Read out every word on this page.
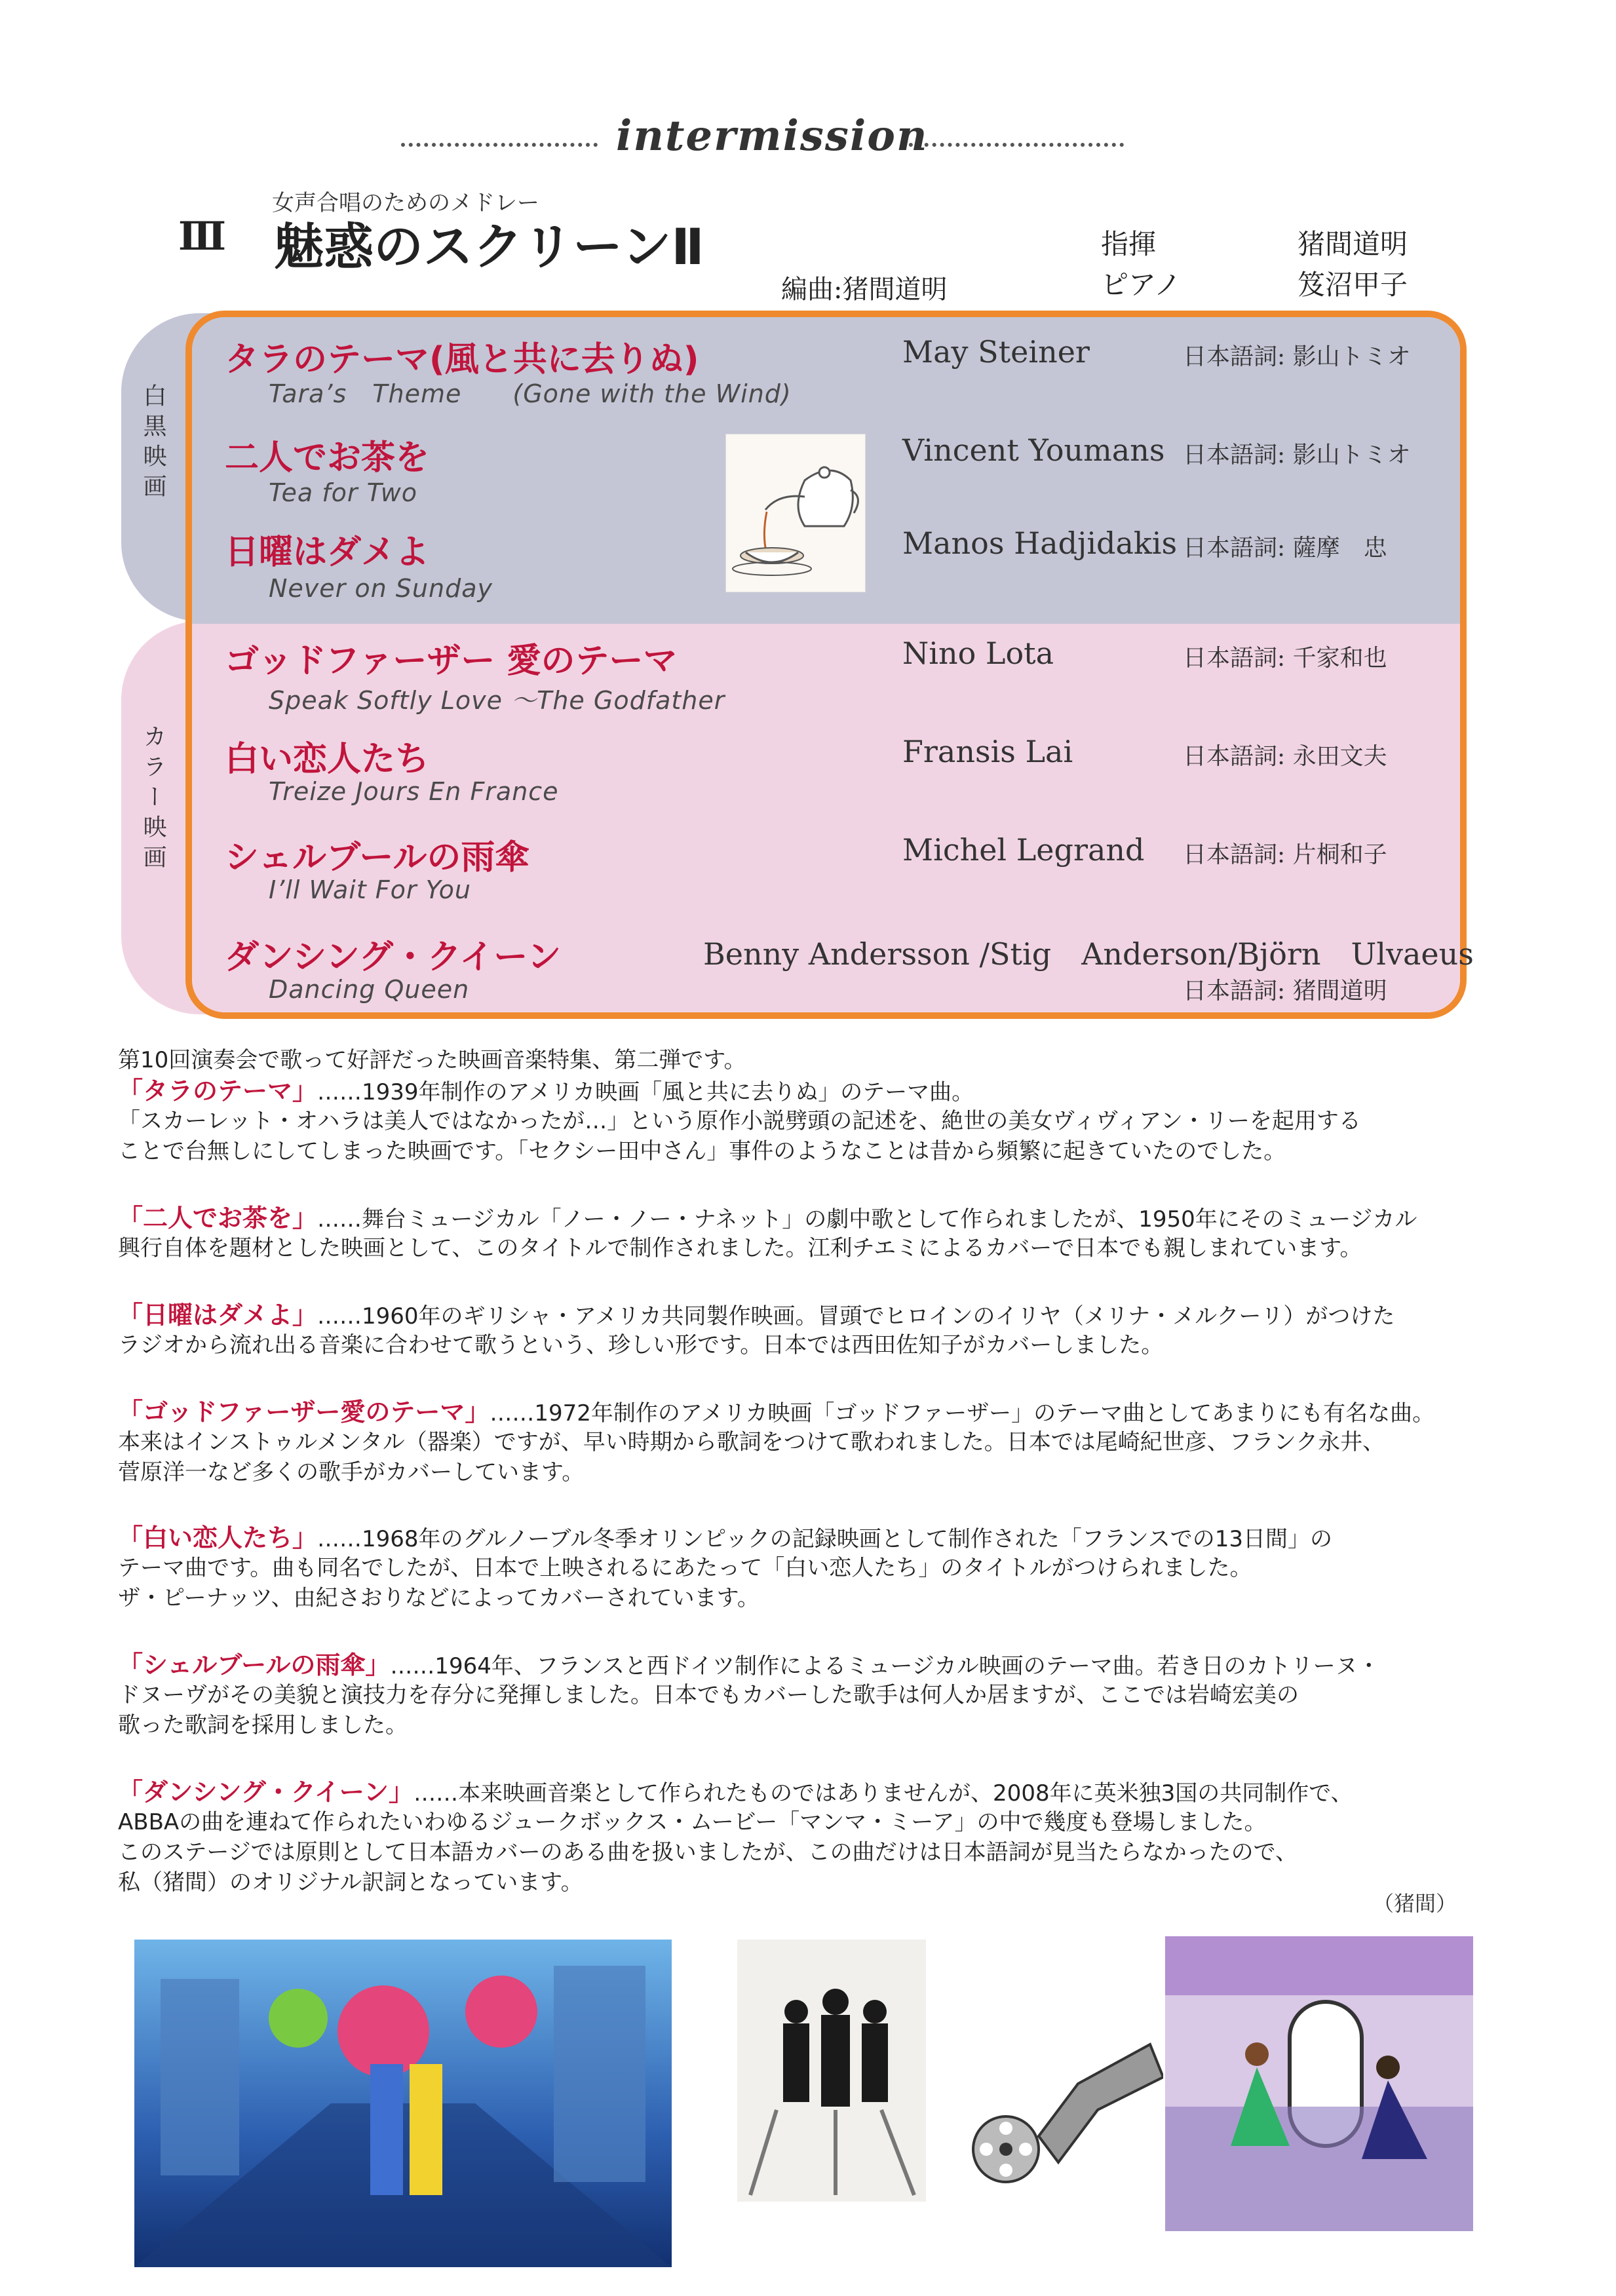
intermission
女声合唱のためのメドレー
Ⅲ 魅惑のスクリーンⅡ
編曲:猪間道明
指揮	猪間道明
ピアノ	笈沼甲子
白黒映画
カラー映画
タラのテーマ(風と共に去りぬ)
Tara’s　Theme　　(Gone with the Wind)
May Steiner	日本語詞: 影山トミオ
二人でお茶を
Tea for Two
Vincent Youmans 日本語詞: 影山トミオ
日曜はダメよ
Never on Sunday
Manos Hadjidakis 日本語詞: 薩摩　忠
ゴッドファーザー 愛のテーマ
Speak Softly Love ～The Godfather
Nino Lota	日本語詞: 千家和也
白い恋人たち
Treize Jours En France
Fransis Lai	日本語詞: 永田文夫
シェルブールの雨傘
I’ll Wait For You
Michel Legrand 日本語詞: 片桐和子
ダンシング・クイーン
Dancing Queen
Benny Andersson /Stig　Anderson/Björn　Ulvaeus
日本語詞: 猪間道明
第10回演奏会で歌って好評だった映画音楽特集、第二弾です。
「タラのテーマ」……1939年制作のアメリカ映画「風と共に去りぬ」のテーマ曲。
「スカーレット・オハラは美人ではなかったが…」という原作小説劈頭の記述を、絶世の美女ヴィヴィアン・リーを起用する
ことで台無しにしてしまった映画です。「セクシー田中さん」事件のようなことは昔から頻繁に起きていたのでした。
「二人でお茶を」……舞台ミュージカル「ノー・ノー・ナネット」の劇中歌として作られましたが、1950年にそのミュージカル
興行自体を題材とした映画として、このタイトルで制作されました。江利チエミによるカバーで日本でも親しまれています。
「日曜はダメよ」……1960年のギリシャ・アメリカ共同製作映画。冒頭でヒロインのイリヤ（メリナ・メルクーリ）がつけた
ラジオから流れ出る音楽に合わせて歌うという、珍しい形です。日本では西田佐知子がカバーしました。
「ゴッドファーザー愛のテーマ」……1972年制作のアメリカ映画「ゴッドファーザー」のテーマ曲としてあまりにも有名な曲。
本来はインストゥルメンタル（器楽）ですが、早い時期から歌詞をつけて歌われました。日本では尾崎紀世彦、フランク永井、
菅原洋一など多くの歌手がカバーしています。
「白い恋人たち」……1968年のグルノーブル冬季オリンピックの記録映画として制作された「フランスでの13日間」の
テーマ曲です。曲も同名でしたが、日本で上映されるにあたって「白い恋人たち」のタイトルがつけられました。
ザ・ピーナッツ、由紀さおりなどによってカバーされています。
「シェルブールの雨傘」……1964年、フランスと西ドイツ制作によるミュージカル映画のテーマ曲。若き日のカトリーヌ・
ドヌーヴがその美貌と演技力を存分に発揮しました。日本でもカバーした歌手は何人か居ますが、ここでは岩崎宏美の
歌った歌詞を採用しました。
「ダンシング・クイーン」……本来映画音楽として作られたものではありませんが、2008年に英米独3国の共同制作で、
ABBAの曲を連ねて作られたいわゆるジュークボックス・ムービー「マンマ・ミーア」の中で幾度も登場しました。
このステージでは原則として日本語カバーのある曲を扱いましたが、この曲だけは日本語詞が見当たらなかったので、
私（猪間）のオリジナル訳詞となっています。
（猪間）
